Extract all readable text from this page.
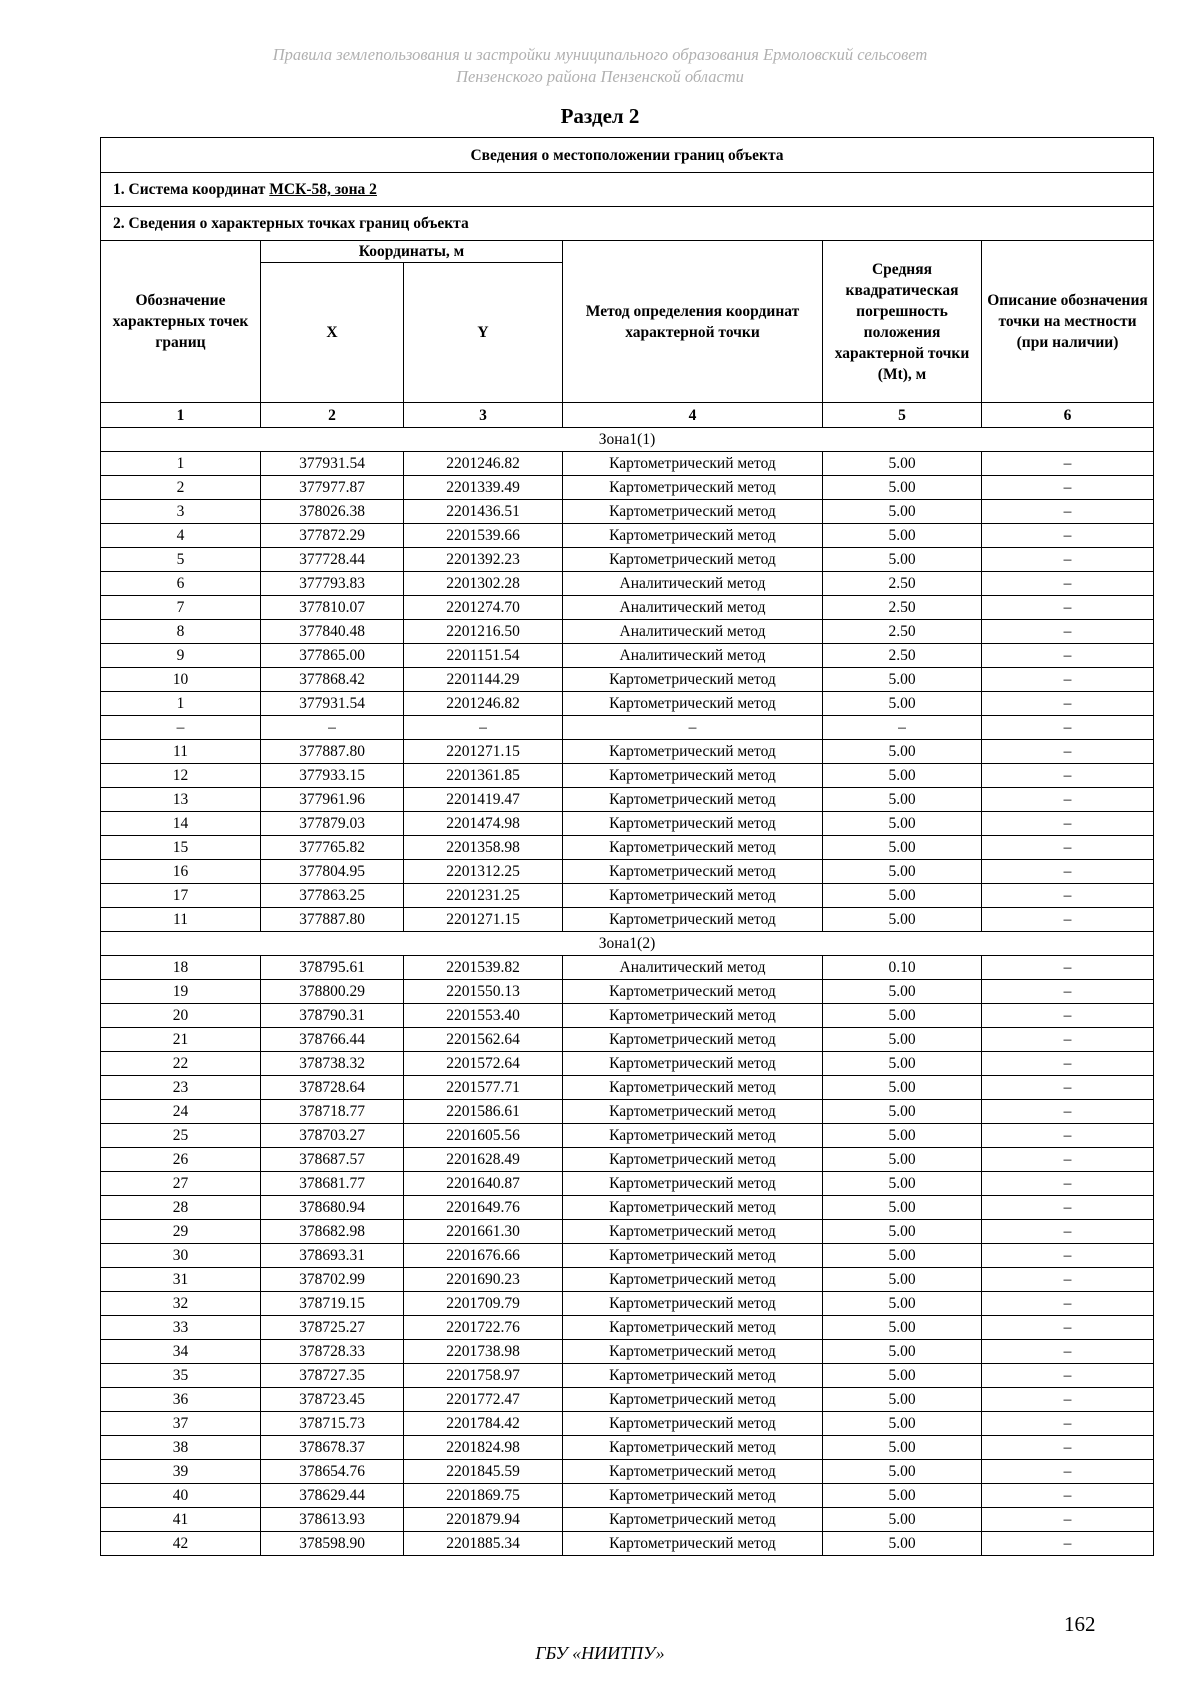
Правила землепользования и застройки муниципального образования Ермоловский сельсовет
Пензенского района Пензенской области
Раздел 2
Сведения о местоположении границ объекта					
1. Система координат МСК-58, зона 2					
2. Сведения о характерных точках границ объекта					
Обозначение характерных точек границ	Координаты, м		Метод определения координат характерной точки	Средняя квадратическая погрешность положения характерной точки (Mt), м	Описание обозначения точки на местности (при наличии)
	X	Y			
1	2	3	4	5	6
Зона1(1)					
1	377931.54	2201246.82	Картометрический метод	5.00	–
2	377977.87	2201339.49	Картометрический метод	5.00	–
3	378026.38	2201436.51	Картометрический метод	5.00	–
4	377872.29	2201539.66	Картометрический метод	5.00	–
5	377728.44	2201392.23	Картометрический метод	5.00	–
6	377793.83	2201302.28	Аналитический метод	2.50	–
7	377810.07	2201274.70	Аналитический метод	2.50	–
8	377840.48	2201216.50	Аналитический метод	2.50	–
9	377865.00	2201151.54	Аналитический метод	2.50	–
10	377868.42	2201144.29	Картометрический метод	5.00	–
1	377931.54	2201246.82	Картометрический метод	5.00	–
–	–	–	–	–	–
11	377887.80	2201271.15	Картометрический метод	5.00	–
12	377933.15	2201361.85	Картометрический метод	5.00	–
13	377961.96	2201419.47	Картометрический метод	5.00	–
14	377879.03	2201474.98	Картометрический метод	5.00	–
15	377765.82	2201358.98	Картометрический метод	5.00	–
16	377804.95	2201312.25	Картометрический метод	5.00	–
17	377863.25	2201231.25	Картометрический метод	5.00	–
11	377887.80	2201271.15	Картометрический метод	5.00	–
Зона1(2)					
18	378795.61	2201539.82	Аналитический метод	0.10	–
19	378800.29	2201550.13	Картометрический метод	5.00	–
20	378790.31	2201553.40	Картометрический метод	5.00	–
21	378766.44	2201562.64	Картометрический метод	5.00	–
22	378738.32	2201572.64	Картометрический метод	5.00	–
23	378728.64	2201577.71	Картометрический метод	5.00	–
24	378718.77	2201586.61	Картометрический метод	5.00	–
25	378703.27	2201605.56	Картометрический метод	5.00	–
26	378687.57	2201628.49	Картометрический метод	5.00	–
27	378681.77	2201640.87	Картометрический метод	5.00	–
28	378680.94	2201649.76	Картометрический метод	5.00	–
29	378682.98	2201661.30	Картометрический метод	5.00	–
30	378693.31	2201676.66	Картометрический метод	5.00	–
31	378702.99	2201690.23	Картометрический метод	5.00	–
32	378719.15	2201709.79	Картометрический метод	5.00	–
33	378725.27	2201722.76	Картометрический метод	5.00	–
34	378728.33	2201738.98	Картометрический метод	5.00	–
35	378727.35	2201758.97	Картометрический метод	5.00	–
36	378723.45	2201772.47	Картометрический метод	5.00	–
37	378715.73	2201784.42	Картометрический метод	5.00	–
38	378678.37	2201824.98	Картометрический метод	5.00	–
39	378654.76	2201845.59	Картометрический метод	5.00	–
40	378629.44	2201869.75	Картометрический метод	5.00	–
41	378613.93	2201879.94	Картометрический метод	5.00	–
42	378598.90	2201885.34	Картометрический метод	5.00	–
162
ГБУ «НИИТПУ»
